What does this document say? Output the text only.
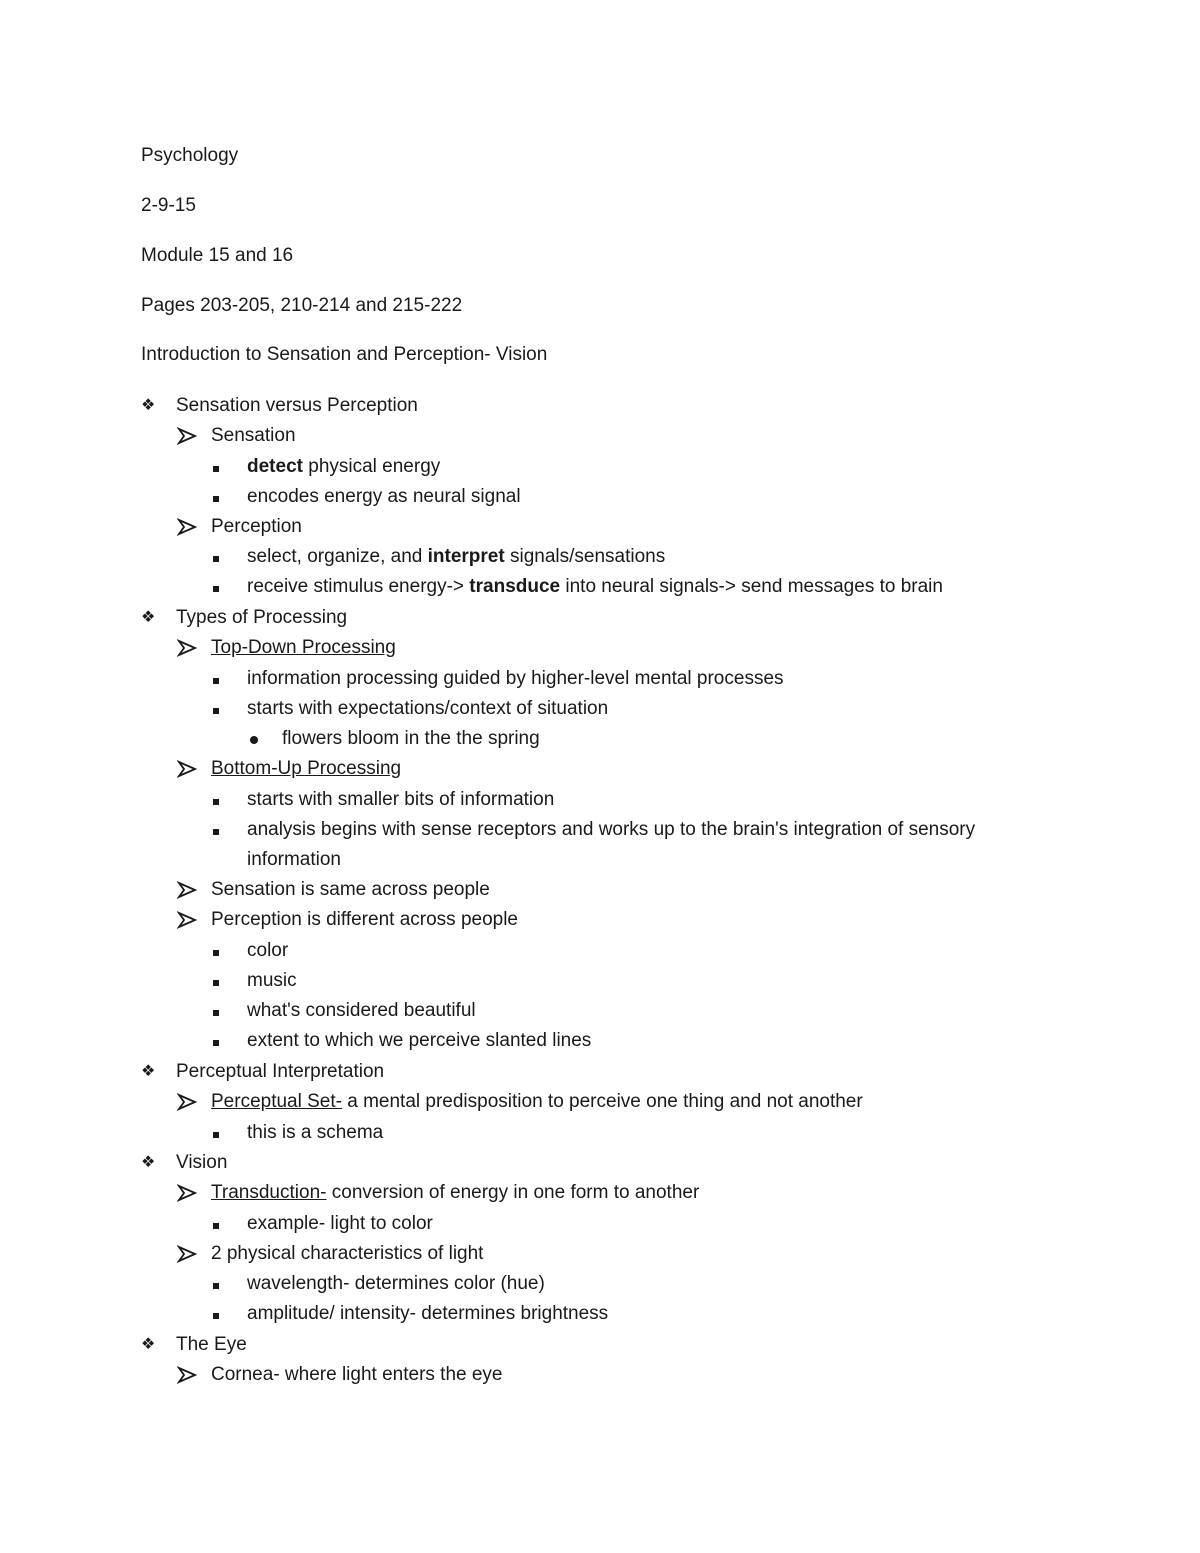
Psychology
2-9-15
Module 15 and 16
Pages 203-205, 210-214 and 215-222
Introduction to Sensation and Perception- Vision
❖	Sensation versus Perception
Sensation
detect physical energy
encodes energy as neural signal
Perception
select, organize, and interpret signals/sensations
receive stimulus energy-> transduce into neural signals-> send messages to brain
❖	Types of Processing
Top-Down Processing
information processing guided by higher-level mental processes
starts with expectations/context of situation
flowers bloom in the the spring
Bottom-Up Processing
starts with smaller bits of information
analysis begins with sense receptors and works up to the brain's integration of sensory
information
Sensation is same across people
Perception is different across people
color
music
what's considered beautiful
extent to which we perceive slanted lines
❖	Perceptual Interpretation
Perceptual Set- a mental predisposition to perceive one thing and not another
this is a schema
❖	Vision
Transduction- conversion of energy in one form to another
example- light to color
2 physical characteristics of light
wavelength- determines color (hue)
amplitude/ intensity- determines brightness
❖	The Eye
Cornea- where light enters the eye
